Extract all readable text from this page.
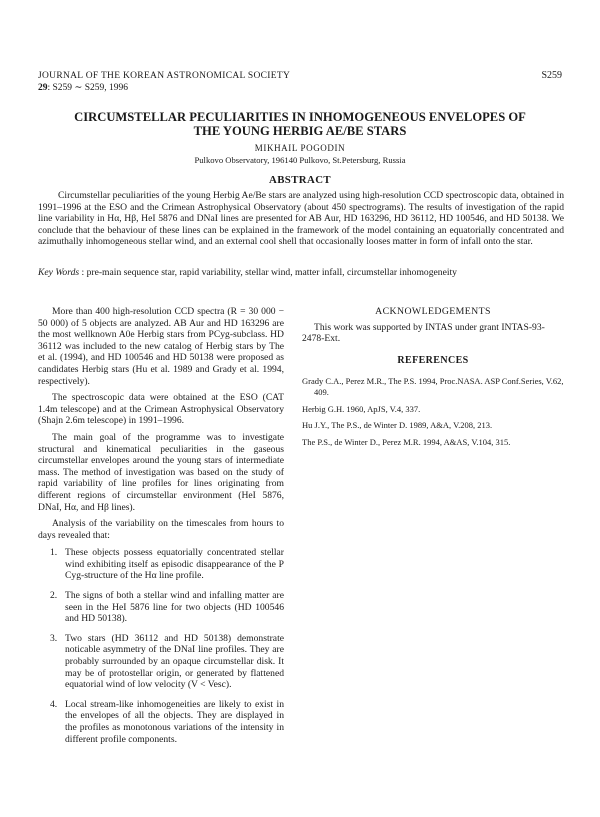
JOURNAL OF THE KOREAN ASTRONOMICAL SOCIETY
29: S259 ∼ S259, 1996
S259
CIRCUMSTELLAR PECULIARITIES IN INHOMOGENEOUS ENVELOPES OF
THE YOUNG HERBIG AE/BE STARS
MIKHAIL POGODIN
Pulkovo Observatory, 196140 Pulkovo, St.Petersburg, Russia
ABSTRACT
Circumstellar peculiarities of the young Herbig Ae/Be stars are analyzed using high-resolution CCD spectroscopic data, obtained in 1991–1996 at the ESO and the Crimean Astrophysical Observatory (about 450 spectrograms). The results of investigation of the rapid line variability in Hα, Hβ, HeI 5876 and DNaI lines are presented for AB Aur, HD 163296, HD 36112, HD 100546, and HD 50138. We conclude that the behaviour of these lines can be explained in the framework of the model containing an equatorially concentrated and azimuthally inhomogeneous stellar wind, and an external cool shell that occasionally looses matter in form of infall onto the star.
Key Words : pre-main sequence star, rapid variability, stellar wind, matter infall, circumstellar inhomogeneity

More than 400 high-resolution CCD spectra (R = 30 000 − 50 000) of 5 objects are analyzed. AB Aur and HD 163296 are the most wellknown A0e Herbig stars from PCyg-subclass. HD 36112 was included to the new catalog of Herbig stars by The et al. (1994), and HD 100546 and HD 50138 were proposed as candidates Herbig stars (Hu et al. 1989 and Grady et al. 1994, respectively).

The spectroscopic data were obtained at the ESO (CAT 1.4m telescope) and at the Crimean Astrophysical Observatory (Shajn 2.6m telescope) in 1991–1996.

The main goal of the programme was to investigate structural and kinematical peculiarities in the gaseous circumstellar envelopes around the young stars of intermediate mass. The method of investigation was based on the study of rapid variability of line profiles for lines originating from different regions of circumstellar environment (HeI 5876, DNaI, Hα, and Hβ lines).

Analysis of the variability on the timescales from hours to days revealed that:

1. These objects possess equatorially concentrated stellar wind exhibiting itself as episodic disappearance of the P Cyg-structure of the Hα line profile.
2. The signs of both a stellar wind and infalling matter are seen in the HeI 5876 line for two objects (HD 100546 and HD 50138).
3. Two stars (HD 36112 and HD 50138) demonstrate noticable asymmetry of the DNaI line profiles. They are probably surrounded by an opaque circumstellar disk. It may be of protostellar origin, or generated by flattened equatorial wind of low velocity (V < Vesc).
4. Local stream-like inhomogeneities are likely to exist in the envelopes of all the objects. They are displayed in the profiles as monotonous variations of the intensity in different profile components.
ACKNOWLEDGEMENTS
This work was supported by INTAS under grant INTAS-93-2478-Ext.
REFERENCES
Grady C.A., Perez M.R., The P.S. 1994, Proc.NASA. ASP Conf.Series, V.62, 409.
Herbig G.H. 1960, ApJS, V.4, 337.
Hu J.Y., The P.S., de Winter D. 1989, A&A, V.208, 213.
The P.S., de Winter D., Perez M.R. 1994, A&AS, V.104, 315.
